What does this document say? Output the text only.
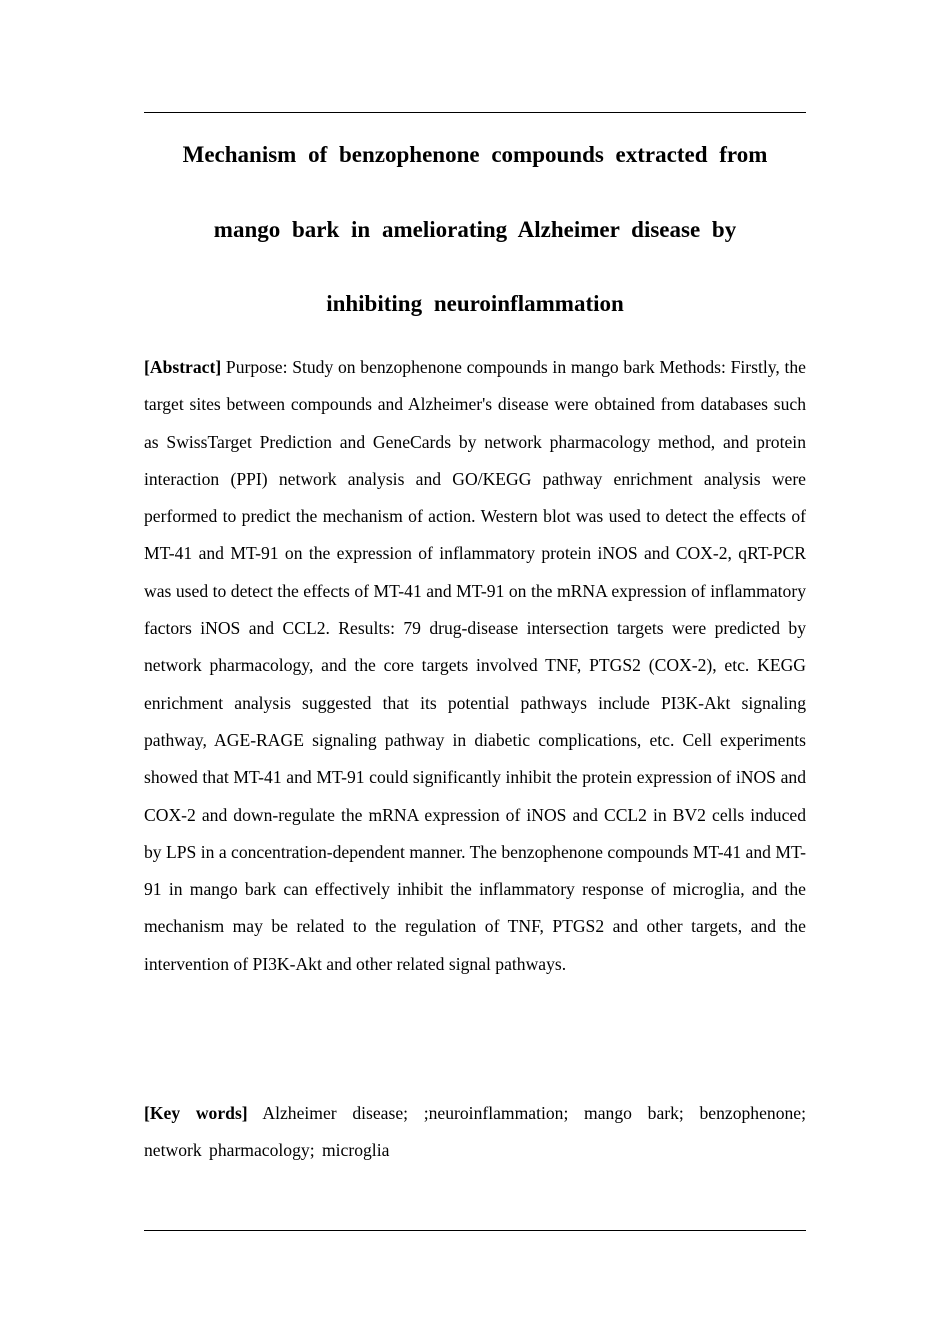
Mechanism of benzophenone compounds extracted from
mango bark in ameliorating Alzheimer disease by
inhibiting neuroinflammation

[Abstract] Purpose: Study on benzophenone compounds in mango bark Methods: Firstly, the target sites between compounds and Alzheimer's disease were obtained from databases such as SwissTarget Prediction and GeneCards by network pharmacology method, and protein interaction (PPI) network analysis and GO/KEGG pathway enrichment analysis were performed to predict the mechanism of action. Western blot was used to detect the effects of MT-41 and MT-91 on the expression of inflammatory protein iNOS and COX-2, qRT-PCR was used to detect the effects of MT-41 and MT-91 on the mRNA expression of inflammatory factors iNOS and CCL2. Results: 79 drug-disease intersection targets were predicted by network pharmacology, and the core targets involved TNF, PTGS2 (COX-2), etc. KEGG enrichment analysis suggested that its potential pathways include PI3K-Akt signaling pathway, AGE-RAGE signaling pathway in diabetic complications, etc. Cell experiments showed that MT-41 and MT-91 could significantly inhibit the protein expression of iNOS and COX-2 and down-regulate the mRNA expression of iNOS and CCL2 in BV2 cells induced by LPS in a concentration-dependent manner. The benzophenone compounds MT-41 and MT-91 in mango bark can effectively inhibit the inflammatory response of microglia, and the mechanism may be related to the regulation of TNF, PTGS2 and other targets, and the intervention of PI3K-Akt and other related signal pathways.

[Key words] Alzheimer disease; ;neuroinflammation; mango bark; benzophenone; network pharmacology; microglia
